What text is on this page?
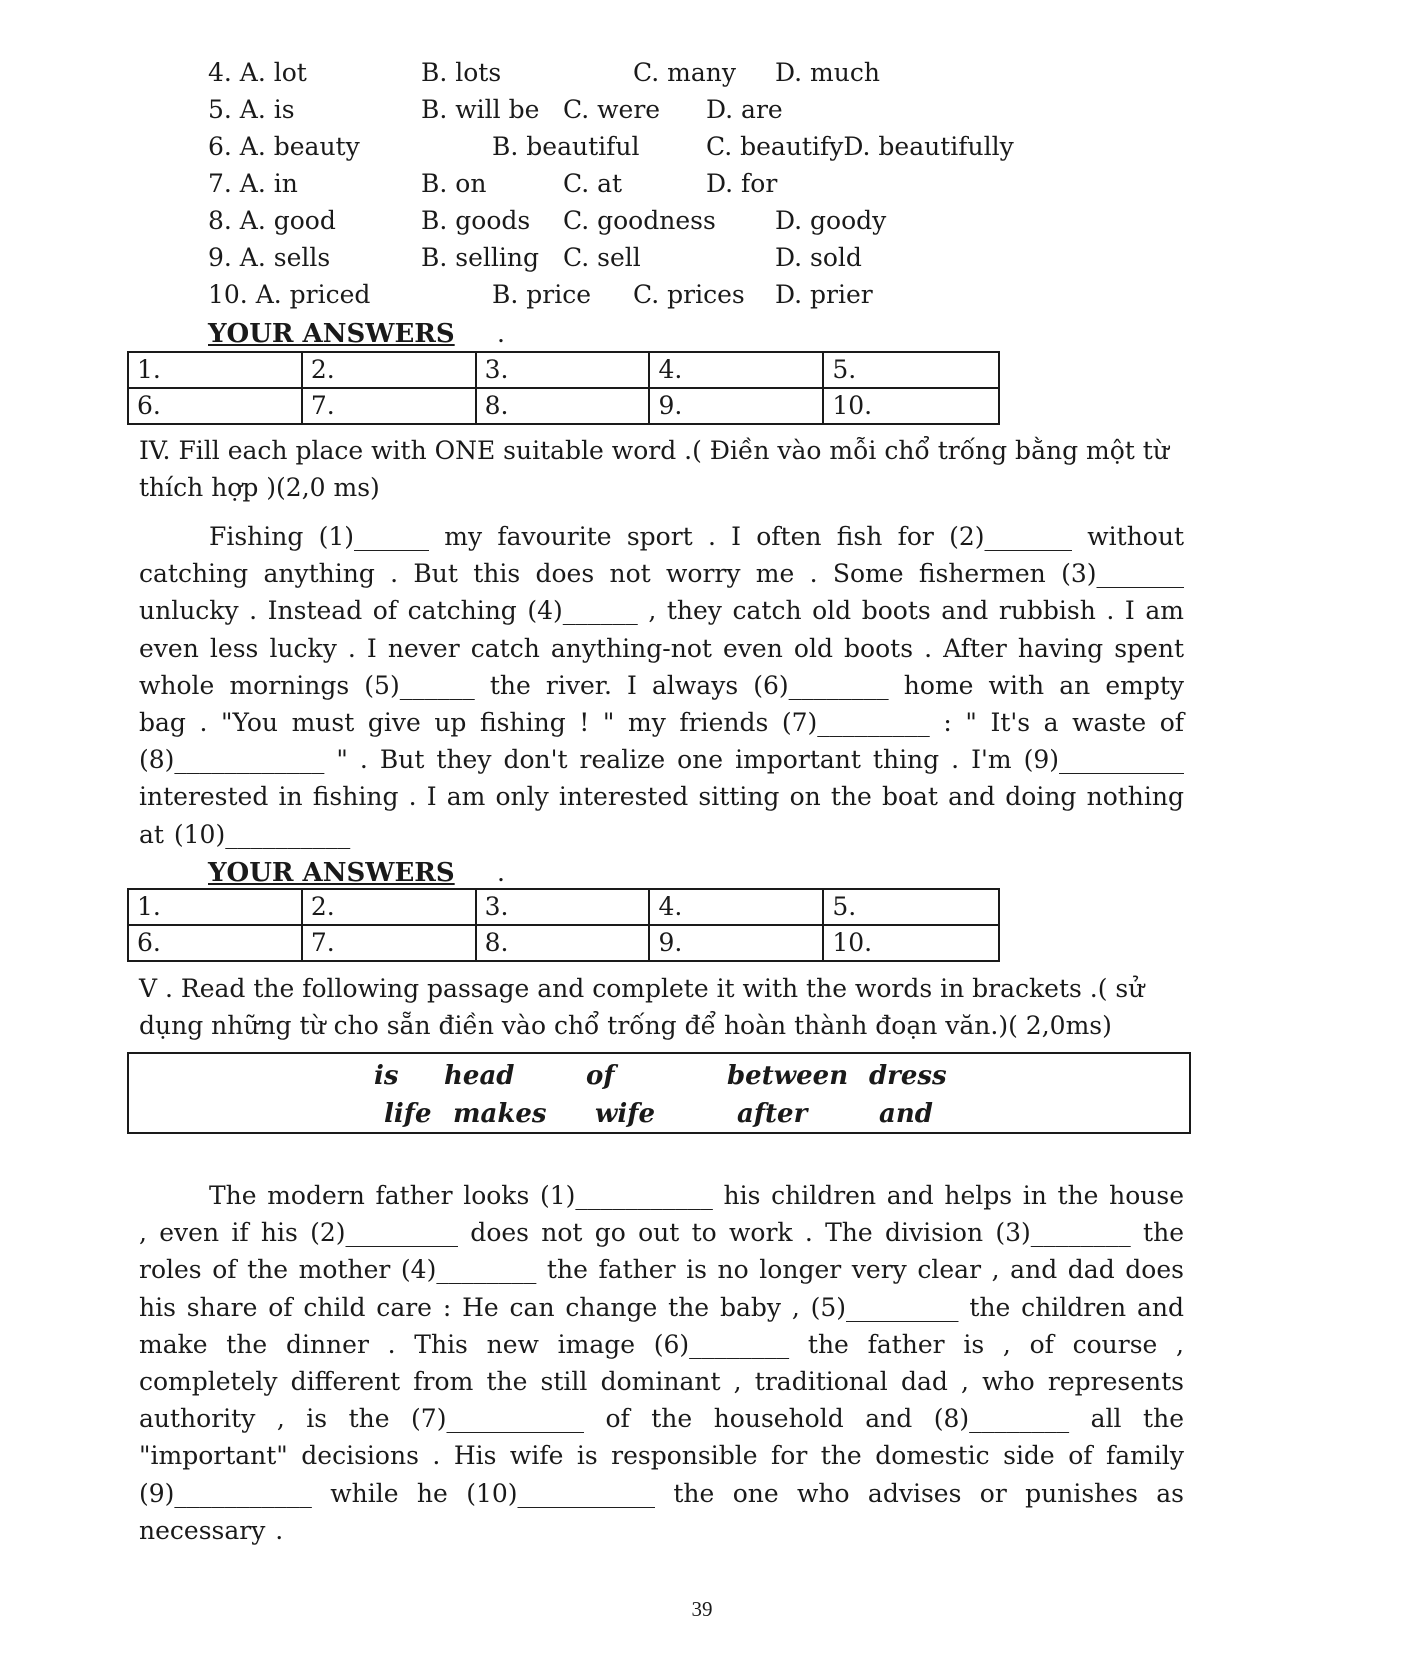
4. A. lot	B. lots	C. many D. much
5. A. is	B. will be C. were D. are
6. A. beauty	B. beautiful	C. beautifyD. beautifully
7. A. in	B. on	C. at	D. for
8. A. good	B. goods C. goodness D. goody
9. A. sells	B. selling C. sell	D. sold
10. A. priced	B. price C. prices D. prier
YOUR ANSWERS .
1.	2.	3.	4.	5.
6.	7.	8.	9.	10.
IV. Fill each place with ONE suitable word .( Điền vào mỗi chổ trống bằng một từ thích hợp )(2,0 ms)

Fishing (1)______ my favourite sport . I often fish for (2)_______ without catching anything . But this does not worry me . Some fishermen (3)_______ unlucky . Instead of catching (4)______ , they catch old boots and rubbish . I am even less lucky . I never catch anything-not even old boots . After having spent whole mornings (5)______ the river. I always (6)________ home with an empty bag . "You must give up fishing ! " my friends (7)_________ : " It's a waste of (8)____________ " . But they don't realize one important thing . I'm (9)__________ interested in fishing . I am only interested sitting on the boat and doing nothing at (10)__________

YOUR ANSWERS .
1.	2.	3.	4.	5.
6.	7.	8.	9.	10.
V . Read the following passage and complete it with the words in brackets .( sử dụng những từ cho sẵn điền vào chổ trống để hoàn thành đoạn văn.)( 2,0ms)
is head	of	between dress
life makes wife	after	and

The modern father looks (1)___________ his children and helps in the house , even if his (2)_________ does not go out to work . The division (3)________ the roles of the mother (4)________ the father is no longer very clear , and dad does his share of child care : He can change the baby , (5)_________ the children and make the dinner . This new image (6)________ the father is , of course , completely different from the still dominant , traditional dad , who represents authority , is the (7)___________ of the household and (8)________ all the "important" decisions . His wife is responsible for the domestic side of family (9)___________ while he (10)___________ the one who advises or punishes as necessary .

39
